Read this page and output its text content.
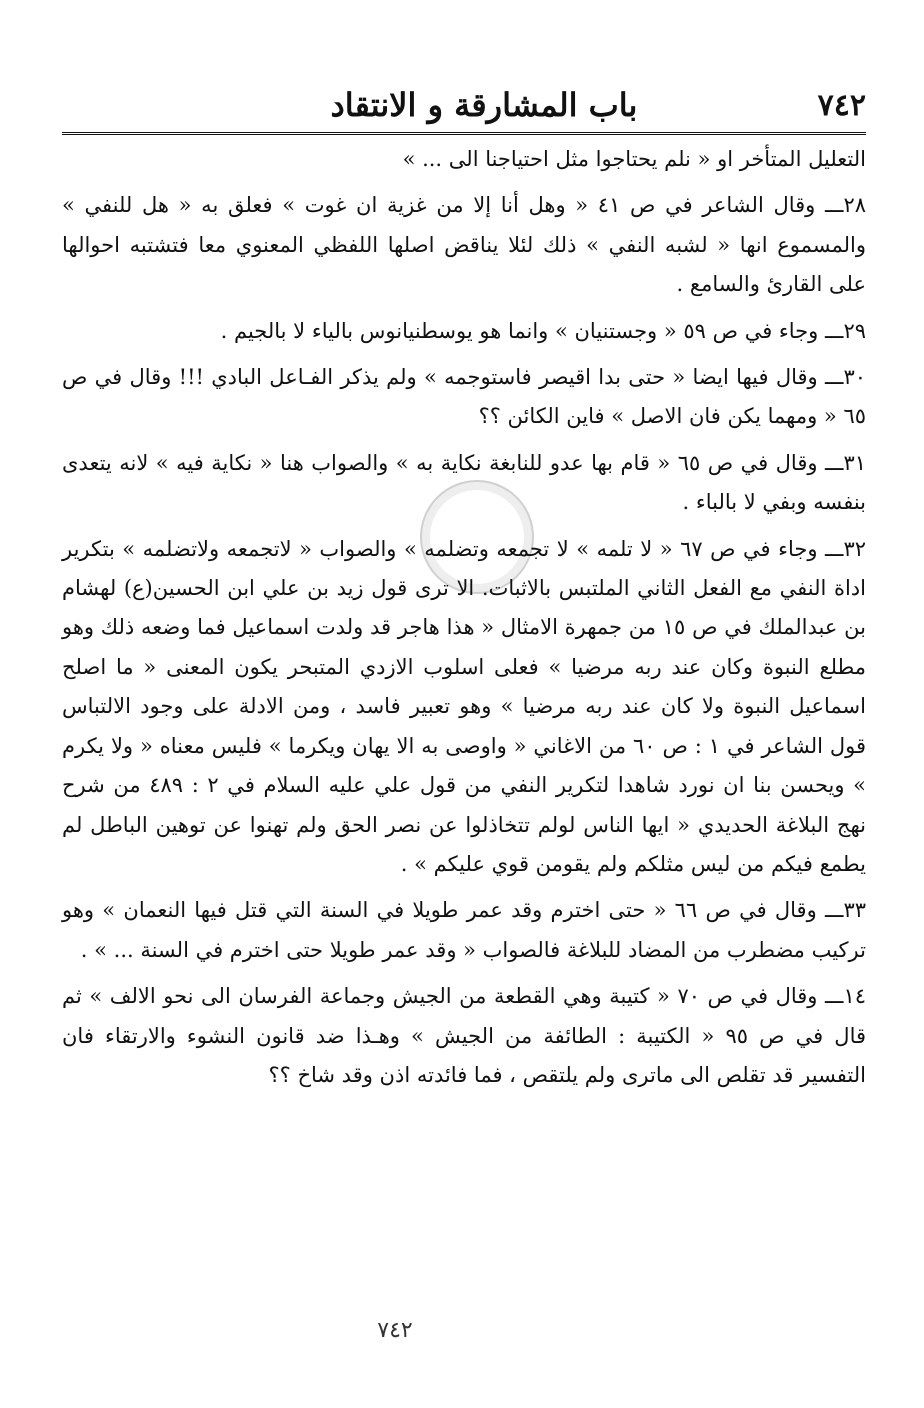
٧٤٢
باب المشارقة و الانتقاد

التعليل المتأخر او « نلم يحتاجوا مثل احتياجنا الى ... »

٢٨ـــ وقال الشاعر في ص ٤١ « وهل أنا إلا من غزية ان غوت » فعلق به « هل للنفي » والمسموع انها « لشبه النفي » ذلك لئلا يناقض اصلها اللفظي المعنوي معا فتشتبه احوالها على القارئ والسامع .

٢٩ـــ وجاء في ص ٥٩ « وجستنيان » وانما هو يوسطنيانوس بالياء لا بالجيم .

٣٠ـــ وقال فيها ايضا « حتى بدا اقيصر فاستوجمه » ولم يذكر الفـاعل البادي !!! وقال في ص ٦٥ « ومهما يكن فان الاصل » فاين الكائن ؟؟

٣١ـــ وقال في ص ٦٥ « قام بها عدو للنابغة نكاية به » والصواب هنا « نكاية فيه » لانه يتعدى بنفسه وبفي لا بالباء .

٣٢ـــ وجاء في ص ٦٧ « لا تلمه » لا تجمعه وتضلمه » والصواب « لاتجمعه ولاتضلمه » بتكرير اداة النفي مع الفعل الثاني الملتبس بالاثبات. الا ترى قول زيد بن علي ابن الحسين(ع) لهشام بن عبدالملك في ص ١٥ من جمهرة الامثال « هذا هاجر قد ولدت اسماعيل فما وضعه ذلك وهو مطلع النبوة وكان عند ربه مرضيا » فعلى اسلوب الازدي المتبحر يكون المعنى « ما اصلح اسماعيل النبوة ولا كان عند ربه مرضيا » وهو تعبير فاسد ، ومن الادلة على وجود الالتباس قول الشاعر في ١ : ص ٦٠ من الاغاني « واوصى به الا يهان ويكرما » فليس معناه « ولا يكرم » ويحسن بنا ان نورد شاهدا لتكرير النفي من قول علي عليه السلام في ٢ : ٤٨٩ من شرح نهج البلاغة الحديدي « ايها الناس لولم تتخاذلوا عن نصر الحق ولم تهنوا عن توهين الباطل لم يطمع فيكم من ليس مثلكم ولم يقومن قوي عليكم » .

٣٣ـــ وقال في ص ٦٦ « حتى اخترم وقد عمر طويلا في السنة التي قتل فيها النعمان » وهو تركيب مضطرب من المضاد للبلاغة فالصواب « وقد عمر طويلا حتى اخترم في السنة ... » .

١٤ـــ وقال في ص ٧٠ « كتيبة وهي القطعة من الجيش وجماعة الفرسان الى نحو الالف » ثم قال في ص ٩٥ « الكتيبة : الطائفة من الجيش » وهـذا ضد قانون النشوء والارتقاء فان التفسير قد تقلص الى ماترى ولم يلتقص ، فما فائدته اذن وقد شاخ ؟؟

٧٤٢
